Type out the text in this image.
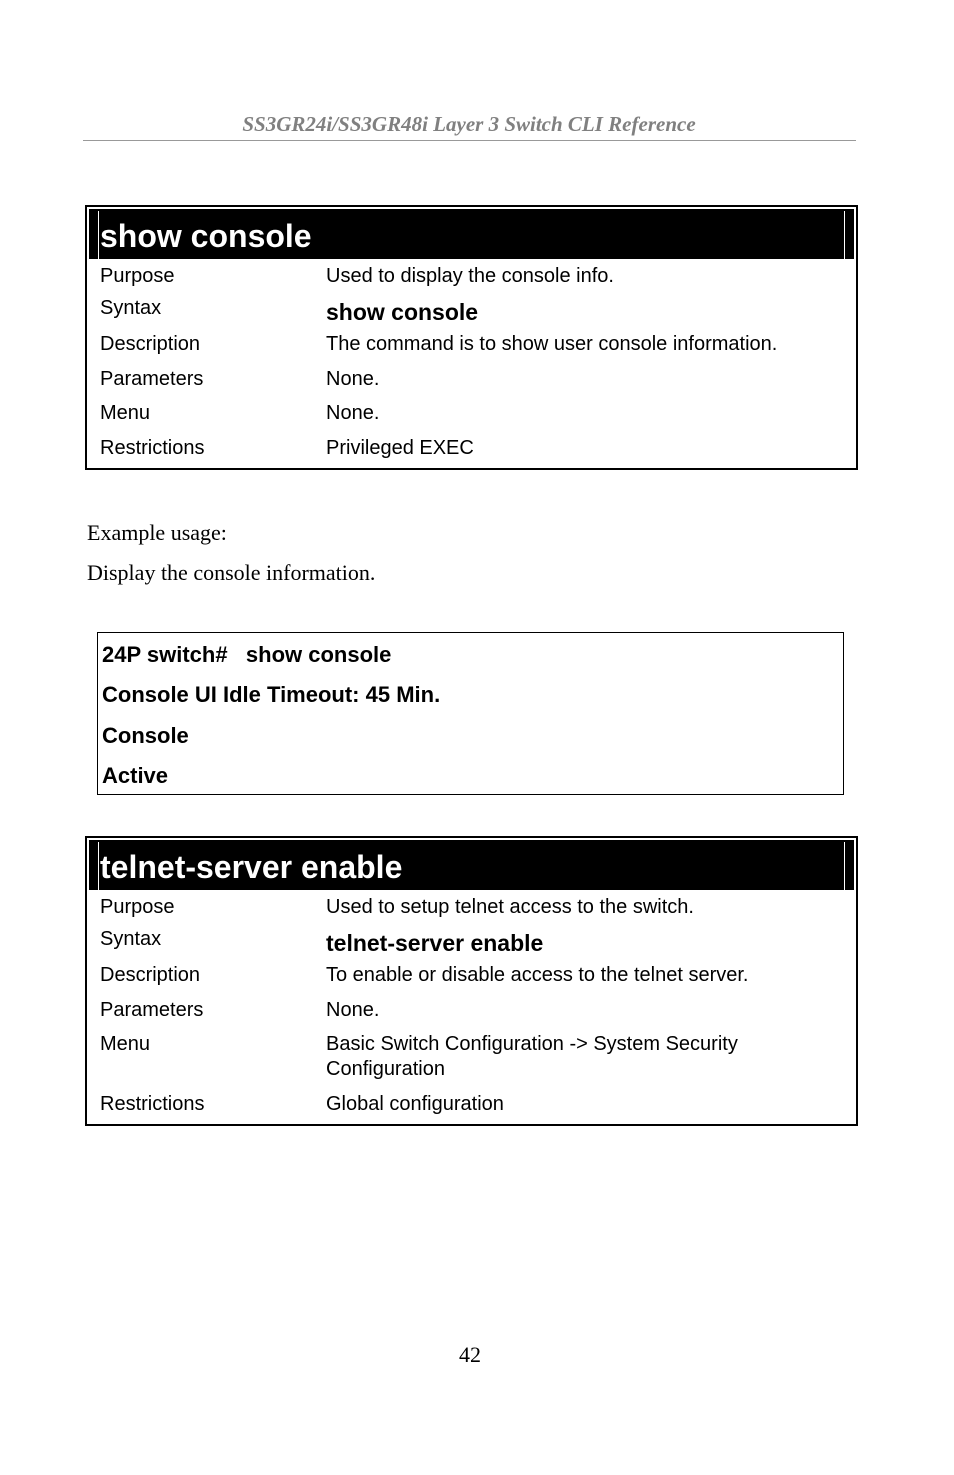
SS3GR24i/SS3GR48i Layer 3 Switch CLI Reference
show console
Purpose	Used to display the console info.
Syntax	show console
Description	The command is to show user console information.
Parameters	None.
Menu	None.
Restrictions	Privileged EXEC
Example usage:
Display the console information.
24P switch#   show console
Console UI Idle Timeout: 45 Min.
Console
Active
telnet-server enable
Purpose	Used to setup telnet access to the switch.
Syntax	telnet-server enable
Description	To enable or disable access to the telnet server.
Parameters	None.
Menu	Basic Switch Configuration -> System Security
Configuration
Restrictions	Global configuration
42
